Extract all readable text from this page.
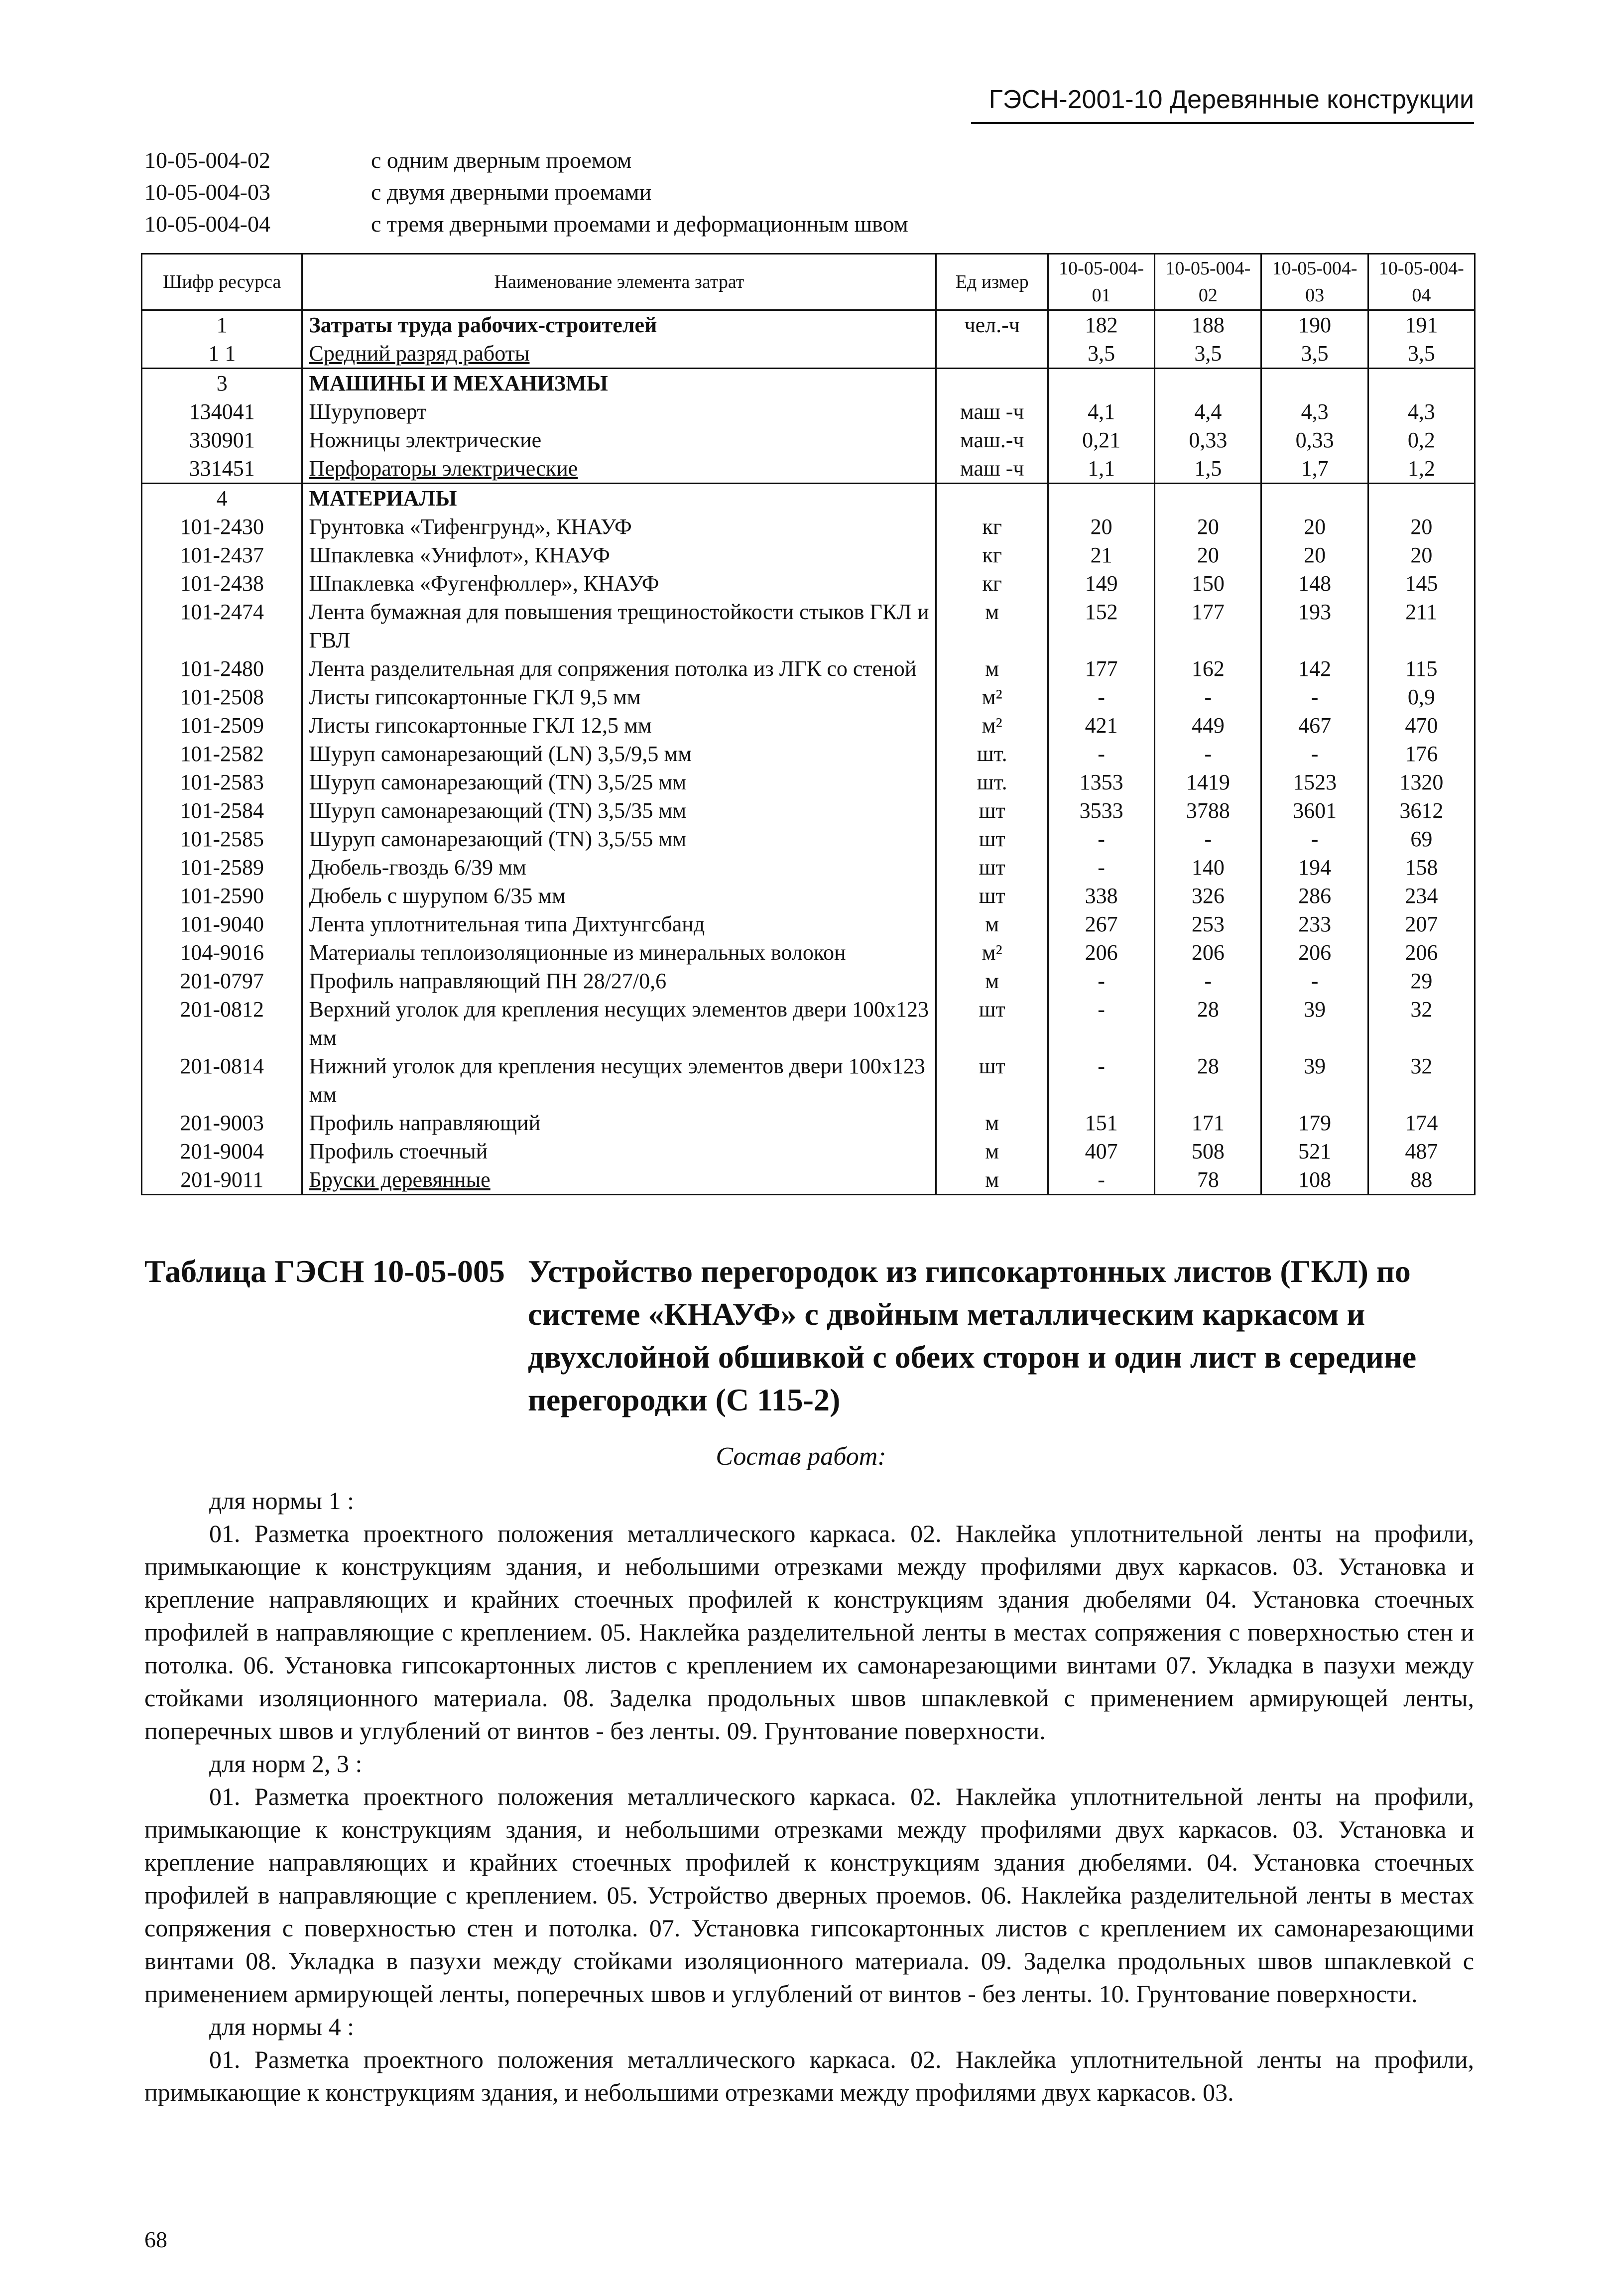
ГЭСН-2001-10 Деревянные конструкции
10-05-004-02	с одним дверным проемом
10-05-004-03	с двумя дверными проемами
10-05-004-04	с тремя дверными проемами и деформационным швом
Шифр ресурса	Наименование элемента затрат	Ед измер	10-05-004-01	10-05-004-02	10-05-004-03	10-05-004-04
1	Затраты труда рабочих-строителей	чел.-ч	182	188	190	191
1 1	Средний разряд работы		3,5	3,5	3,5	3,5
3	МАШИНЫ И МЕХАНИЗМЫ					
134041	Шуруповерт	маш -ч	4,1	4,4	4,3	4,3
330901	Ножницы электрические	маш.-ч	0,21	0,33	0,33	0,2
331451	Перфораторы электрические	маш -ч	1,1	1,5	1,7	1,2
4	МАТЕРИАЛЫ					
101-2430	Грунтовка «Тифенгрунд», КНАУФ	кг	20	20	20	20
101-2437	Шпаклевка «Унифлот», КНАУФ	кг	21	20	20	20
101-2438	Шпаклевка «Фугенфюллер», КНАУФ	кг	149	150	148	145
101-2474	Лента бумажная для повышения трещиностойкости стыков ГКЛ и ГВЛ	м	152	177	193	211
101-2480	Лента разделительная для сопряжения потолка из ЛГК со стеной	м	177	162	142	115
101-2508	Листы гипсокартонные ГКЛ 9,5 мм	м²	-	-	-	0,9
101-2509	Листы гипсокартонные ГКЛ 12,5 мм	м²	421	449	467	470
101-2582	Шуруп самонарезающий (LN) 3,5/9,5 мм	шт.	-	-	-	176
101-2583	Шуруп самонарезающий (TN) 3,5/25 мм	шт.	1353	1419	1523	1320
101-2584	Шуруп самонарезающий (TN) 3,5/35 мм	шт	3533	3788	3601	3612
101-2585	Шуруп самонарезающий (TN) 3,5/55 мм	шт	-	-	-	69
101-2589	Дюбель-гвоздь 6/39 мм	шт	-	140	194	158
101-2590	Дюбель с шурупом 6/35 мм	шт	338	326	286	234
101-9040	Лента уплотнительная типа Дихтунгсбанд	м	267	253	233	207
104-9016	Материалы теплоизоляционные из минеральных волокон	м²	206	206	206	206
201-0797	Профиль направляющий ПН 28/27/0,6	м	-	-	-	29
201-0812	Верхний уголок для крепления несущих элементов двери 100х123 мм	шт	-	28	39	32
201-0814	Нижний уголок для крепления несущих элементов двери 100х123 мм	шт	-	28	39	32
201-9003	Профиль направляющий	м	151	171	179	174
201-9004	Профиль стоечный	м	407	508	521	487
201-9011	Бруски деревянные	м	-	78	108	88
Таблица ГЭСН 10-05-005 Устройство перегородок из гипсокартонных листов (ГКЛ) по системе «КНАУФ» с двойным металлическим каркасом и двухслойной обшивкой с обеих сторон и один лист в середине перегородки (С 115-2)
Состав работ:
для нормы 1 :
01. Разметка проектного положения металлического каркаса. 02. Наклейка уплотнительной ленты на профили, примыкающие к конструкциям здания, и небольшими отрезками между профилями двух каркасов. 03. Установка и крепление направляющих и крайних стоечных профилей к конструкциям здания дюбелями 04. Установка стоечных профилей в направляющие с креплением. 05. Наклейка разделительной ленты в местах сопряжения с поверхностью стен и потолка. 06. Установка гипсокартонных листов с креплением их самонарезающими винтами 07. Укладка в пазухи между стойками изоляционного материала. 08. Заделка продольных швов шпаклевкой с применением армирующей ленты, поперечных швов и углублений от винтов - без ленты. 09. Грунтование поверхности.
для норм 2, 3 :
01. Разметка проектного положения металлического каркаса. 02. Наклейка уплотнительной ленты на профили, примыкающие к конструкциям здания, и небольшими отрезками между профилями двух каркасов. 03. Установка и крепление направляющих и крайних стоечных профилей к конструкциям здания дюбелями. 04. Установка стоечных профилей в направляющие с креплением. 05. Устройство дверных проемов. 06. Наклейка разделительной ленты в местах сопряжения с поверхностью стен и потолка. 07. Установка гипсокартонных листов с креплением их самонарезающими винтами 08. Укладка в пазухи между стойками изоляционного материала. 09. Заделка продольных швов шпаклевкой с применением армирующей ленты, поперечных швов и углублений от винтов - без ленты. 10. Грунтование поверхности.
для нормы 4 :
01. Разметка проектного положения металлического каркаса. 02. Наклейка уплотнительной ленты на профили, примыкающие к конструкциям здания, и небольшими отрезками между профилями двух каркасов. 03.
68
